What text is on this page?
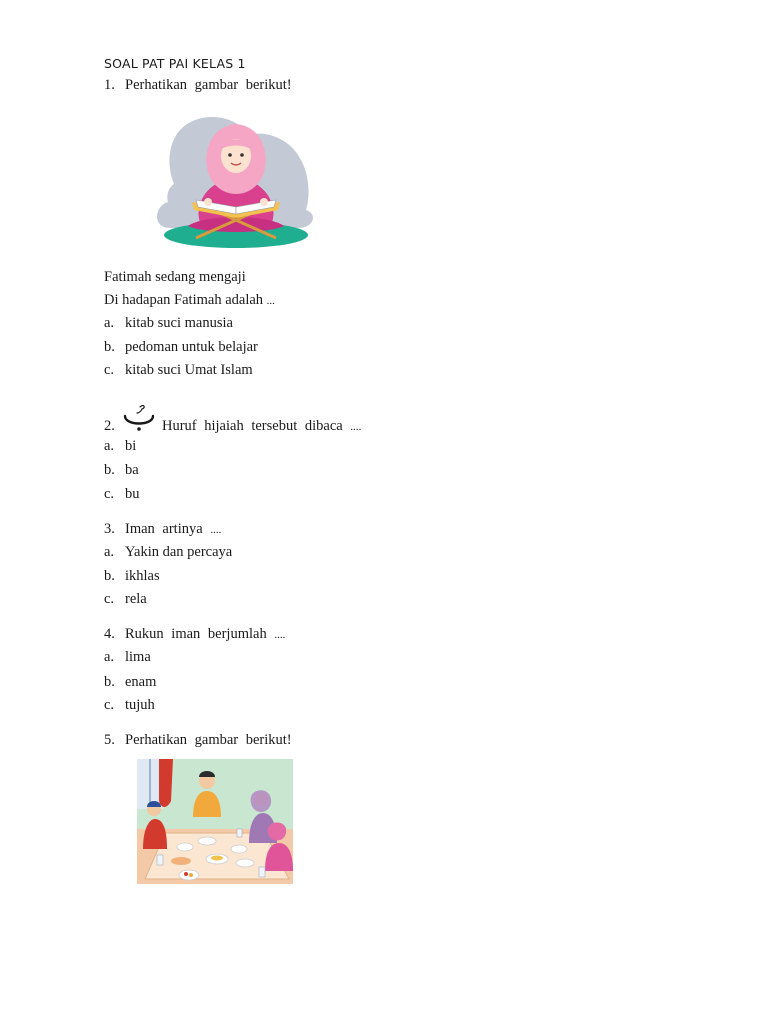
SOAL PAT PAI KELAS 1
1. Perhatikan gambar berikut!
Fatimah sedang mengaji
Di hadapan Fatimah adalah ...
a. kitab suci manusia
b. pedoman untuk belajar
c. kitab suci Umat Islam
2.	Huruf hijaiah tersebut dibaca ....
a. bi
b. ba
c. bu
3. Iman artinya ....
a. Yakin dan percaya
b. ikhlas
c. rela
4. Rukun iman berjumlah ....
a. lima
b. enam
c. tujuh
5. Perhatikan gambar berikut!
